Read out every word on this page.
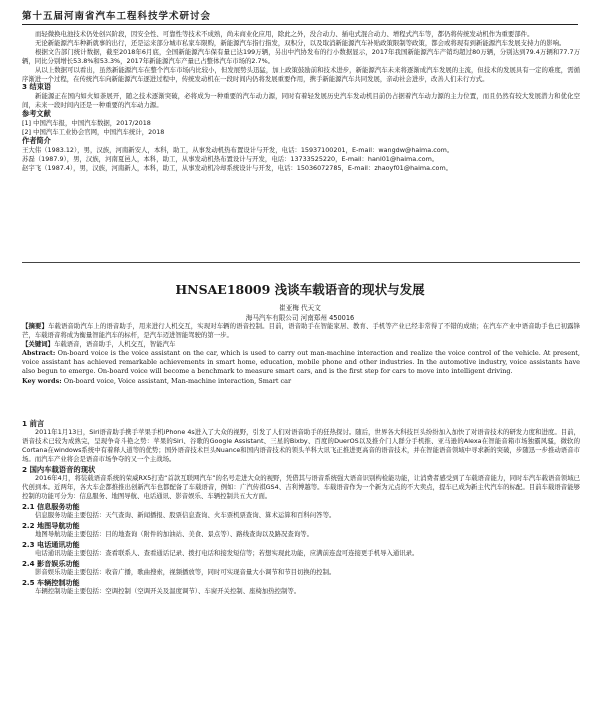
第十五届河南省汽车工程科技学术研讨会

而轻微换电池技术仍处创兴阶段，因安全性、可靠性等技术不成熟，尚未商业化应用，除此之外，没合动力、插电式混合动力、增程式汽车等，都仍将传统发动机作为重要部件。

无论新能源汽车种新就事的出行，还是运来部分城市私家车限购，新能源汽车指行指发，双积分，以及取消新能源汽车补贴政策限制等政策，都会或将现有到新能源汽车发展支持力的影响。

根据文告部门统计数据，截至2018年6月底，全国新能源汽车保有量已达199万辆，另出中汽协发布的行小数据显示，2017年我国新能源汽车产销均超过80万辆，分别达到79.4万辆和77.7万辆，同比分别增长53.8%和53.3%，2017年新能源汽车产量已占整体汽车市场的2.7%。

从以上数据可以看出，虽然新能源汽车在整个汽车市场内比较小，但发展势头迅猛，加上政策鼓励前和技术进步，新能源汽车未来将逐渐成汽车发展的主流，但技术的发展具有一定的难度，需循序渐进一个过程，在传统汽车向新能源汽车逐进过程中，传统发动机在一段时间内仍将发展重要作用，携手新能源汽车共同发展，亲动社会进步，改善人们未行方式。

3 结束语

新能源正在国内如火如荼展开，随之技术逐渐突破，必将成为一种重要的汽车动力源，同时有着轻发展历史汽车发动机目前仍占据着汽车动力源的主力位置，而且仍然有较大发展潜力和优化空间，未来一段时间内还是一种重要的汽车动力源。

参考文献

[1] 中国汽车报，中国汽车数据，2017/2018

[2] 中国汽车工业协会官网，中国汽车统计，2018

作者简介

王大伟（1983.12），男，汉族，河南新安人，本科，助工，从事发动机热布置设计与开发，电话：15937100201，E-mail：wangdw@haima.com。

苏磊（1987.9），男，汉族，河南夏邑人，本科，助工，从事发动机热布置设计与开发，电话：13733525220，E-mail：hanl01@haima.com。

赵宇飞（1987.4），男，汉族，河南新人，本科，助工，从事发动机冷却系统设计与开发，电话：15036072785，E-mail：zhaoyf01@haima.com。

HNSAE18009 浅谈车载语音的现状与发展
崔亚梅 代天文
海马汽车有限公司 河南郑州 450016

【摘要】车载语音助汽车上的语音助手，用来进行人机交互，实现对车辆的语音控制。目前，语音助手在智能家居、教育、手机等产业已经非常得了不错的成绩；在汽车产业中语音助手也已初露锋芒，车载语音将成为衡量智能汽车的标杆，是汽车迈进智能驾驶的第一步。

【关键词】车载语音，语音助手，人机交互，智能汽车

Abstract: On-board voice is the voice assistant on the car, which is used to carry out man-machine interaction and realize the voice control of the vehicle. At present, voice assistant has achieved remarkable achievements in smart home, education, mobile phone and other industries. In the automotive industry, voice assistants have also begun to emerge. On-board voice will become a benchmark to measure smart cars, and is the first step for cars to move into intelligent driving.

Key words: On-board voice, Voice assistant, Man-machine interaction, Smart car

1 前言

2011年1月13日，Siri语音助手携手苹果手机iPhone 4s进入了大众的视野，引发了人们对语音助手的狂热探讨。随后，世界各大科技巨头纷纷加入加快了对语音技术的研发力度和进度。目前，语音技术已较为成熟完，呈现争奇斗艳之势：苹果的Siri、谷歌的Google Assistant、三星的Bixby、百度的DuerOS以及推介门人群分手机推、亚马逊的Alexa在智能音箱市场独霸风骚，微软的Cortana在windows系统中有着释人道等的优势；国外语音技术巨头Nuance和国内语音技术的领头羊科大讯飞正推进更高音的语音技术，并在智能语音领域中寻求新的突破，步随迅一步推动语音市场。而汽车产业将会是语音市场争夺的又一个主战场。

2 国内车载语音的现状

2016年4月，将装载语音系统的荣威RX5打造“首款互联网汽车”的名号走进大众的视野，凭借其与语音系统强大语音识别构检能功能，让消费者感受到了车载语音能力，同时车汽车载语音领域已代创到本。近两年，各大车企都推推出创新汽车也都配备了车载语音，例如：广汽传祺GS4、吉利博越等。车载语音作为一个新为元点的不大卖点，提车已成为新主代汽车的标配。目前车载语音能够控制的功能可分为：信息服务、地图导航、电话通讯、影音娱乐、车辆控制共五大方面。

2.1 信息服务功能

信息服务功能主要包括：天气查询、新闻播报、股票信息查询、火车票机票查询、算术运算和百科问答等。

2.2 地图导航功能

地图导航功能主要包括：目的地查询（附件的加油站、美食、景点等）、路线查询以及路况查询等。

2.3 电话通讯功能

电话通讯功能主要包括：查看联系人、查看通话记录、拨打电话和接发短信等；若想实现此功能，应满前连盘可连接更手机导入通讯录。

2.4 影音娱乐功能

影音娱乐功能主要包括：收音广播，歌曲搜索，视频播放等，同时可实现音量大小调节和节目切换的控制。

2.5 车辆控制功能

车辆控制功能主要包括：空调控制（空调开关及温度调节）、车窗开关控制、座椅加热控制等。
